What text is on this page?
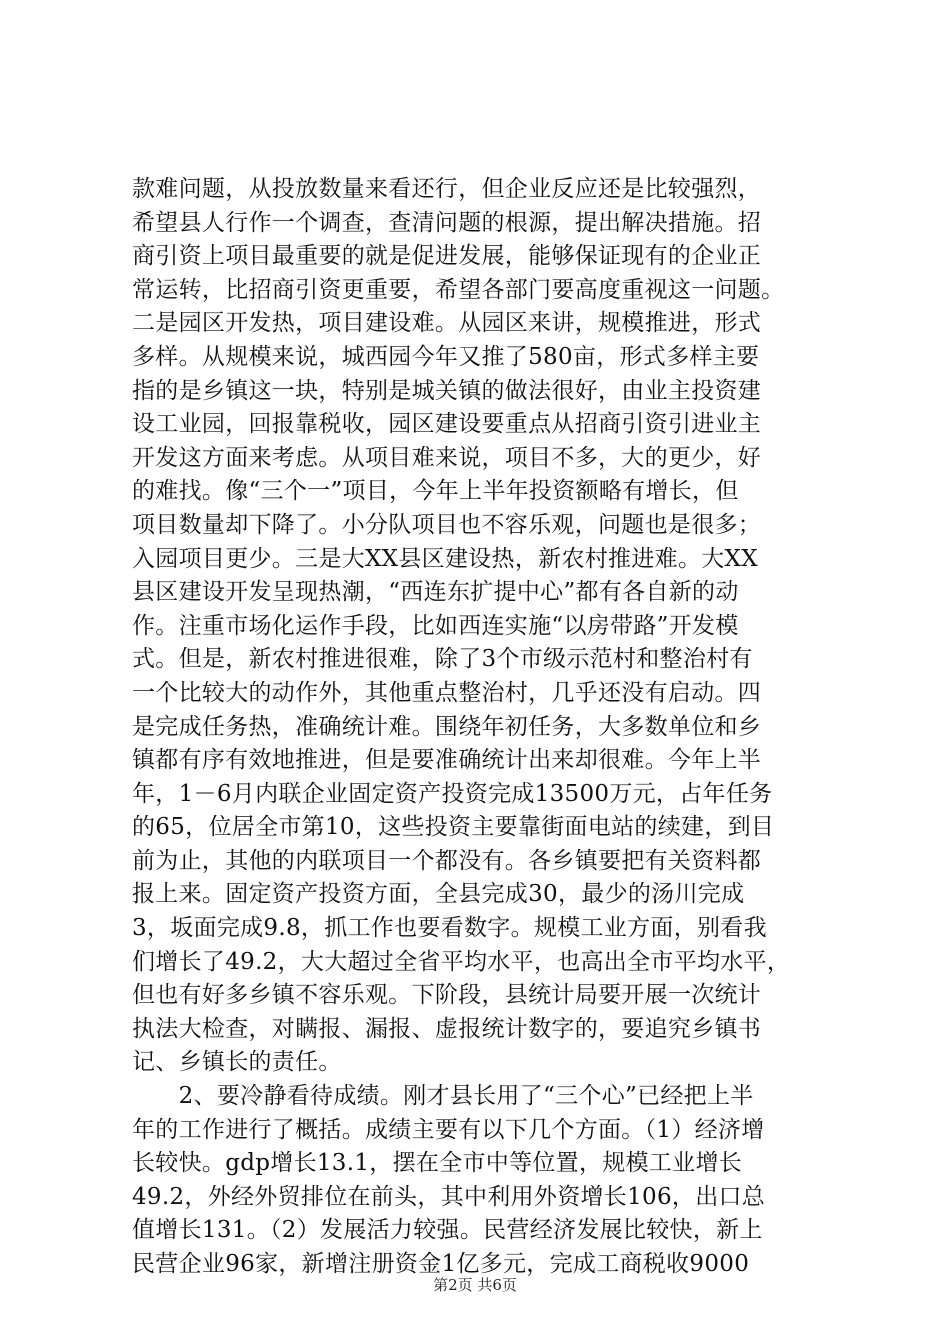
款难问题，从投放数量来看还行，但企业反应还是比较强烈，
希望县人行作一个调查，查清问题的根源，提出解决措施。招
商引资上项目最重要的就是促进发展，能够保证现有的企业正
常运转，比招商引资更重要，希望各部门要高度重视这一问题。
二是园区开发热，项目建设难。从园区来讲，规模推进，形式
多样。从规模来说，城西园今年又推了580亩，形式多样主要
指的是乡镇这一块，特别是城关镇的做法很好，由业主投资建
设工业园，回报靠税收，园区建设要重点从招商引资引进业主
开发这方面来考虑。从项目难来说，项目不多，大的更少，好
的难找。像“三个一”项目，今年上半年投资额略有增长，但
项目数量却下降了。小分队项目也不容乐观，问题也是很多；
入园项目更少。三是大XX县区建设热，新农村推进难。大XX
县区建设开发呈现热潮，“西连东扩提中心”都有各自新的动
作。注重市场化运作手段，比如西连实施“以房带路”开发模
式。但是，新农村推进很难，除了3个市级示范村和整治村有
一个比较大的动作外，其他重点整治村，几乎还没有启动。四
是完成任务热，准确统计难。围绕年初任务，大多数单位和乡
镇都有序有效地推进，但是要准确统计出来却很难。今年上半
年，1－6月内联企业固定资产投资完成13500万元，占年任务
的65，位居全市第10，这些投资主要靠街面电站的续建，到目
前为止，其他的内联项目一个都没有。各乡镇要把有关资料都
报上来。固定资产投资方面，全县完成30，最少的汤川完成
3，坂面完成9.8，抓工作也要看数字。规模工业方面，别看我
们增长了49.2，大大超过全省平均水平，也高出全市平均水平，
但也有好多乡镇不容乐观。下阶段，县统计局要开展一次统计
执法大检查，对瞒报、漏报、虚报统计数字的，要追究乡镇书
记、乡镇长的责任。
　　2、要冷静看待成绩。刚才县长用了“三个心”已经把上半
年的工作进行了概括。成绩主要有以下几个方面。（1）经济增
长较快。gdp增长13.1，摆在全市中等位置，规模工业增长
49.2，外经外贸排位在前头，其中利用外资增长106，出口总
值增长131。（2）发展活力较强。民营经济发展比较快，新上
民营企业96家，新增注册资金1亿多元，完成工商税收9000
第2页 共6页
